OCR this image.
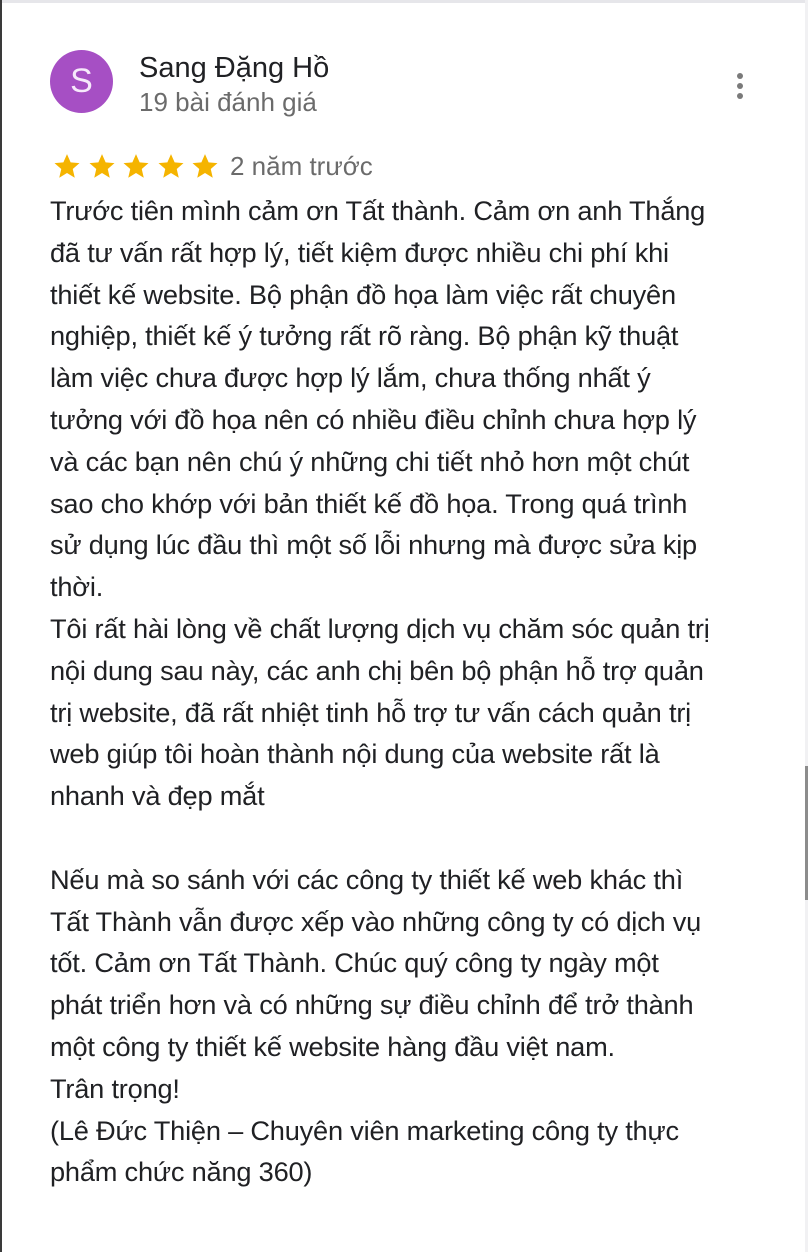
S Sang Đặng Hồ
19 bài đánh giá
2 năm trước

Trước tiên mình cảm ơn Tất thành. Cảm ơn anh Thắng

đã tư vấn rất hợp lý, tiết kiệm được nhiều chi phí khi

thiết kế website. Bộ phận đồ họa làm việc rất chuyên

nghiệp, thiết kế ý tưởng rất rõ ràng. Bộ phận kỹ thuật

làm việc chưa được hợp lý lắm, chưa thống nhất ý

tưởng với đồ họa nên có nhiều điều chỉnh chưa hợp lý

và các bạn nên chú ý những chi tiết nhỏ hơn một chút

sao cho khớp với bản thiết kế đồ họa. Trong quá trình

sử dụng lúc đầu thì một số lỗi nhưng mà được sửa kịp

thời.

Tôi rất hài lòng về chất lượng dịch vụ chăm sóc quản trị

nội dung sau này, các anh chị bên bộ phận hỗ trợ quản

trị website, đã rất nhiệt tinh hỗ trợ tư vấn cách quản trị

web giúp tôi hoàn thành nội dung của website rất là

nhanh và đẹp mắt

Nếu mà so sánh với các công ty thiết kế web khác thì

Tất Thành vẫn được xếp vào những công ty có dịch vụ

tốt. Cảm ơn Tất Thành. Chúc quý công ty ngày một

phát triển hơn và có những sự điều chỉnh để trở thành

một công ty thiết kế website hàng đầu việt nam.

Trân trọng!

(Lê Đức Thiện – Chuyên viên marketing công ty thực

phẩm chức năng 360)
